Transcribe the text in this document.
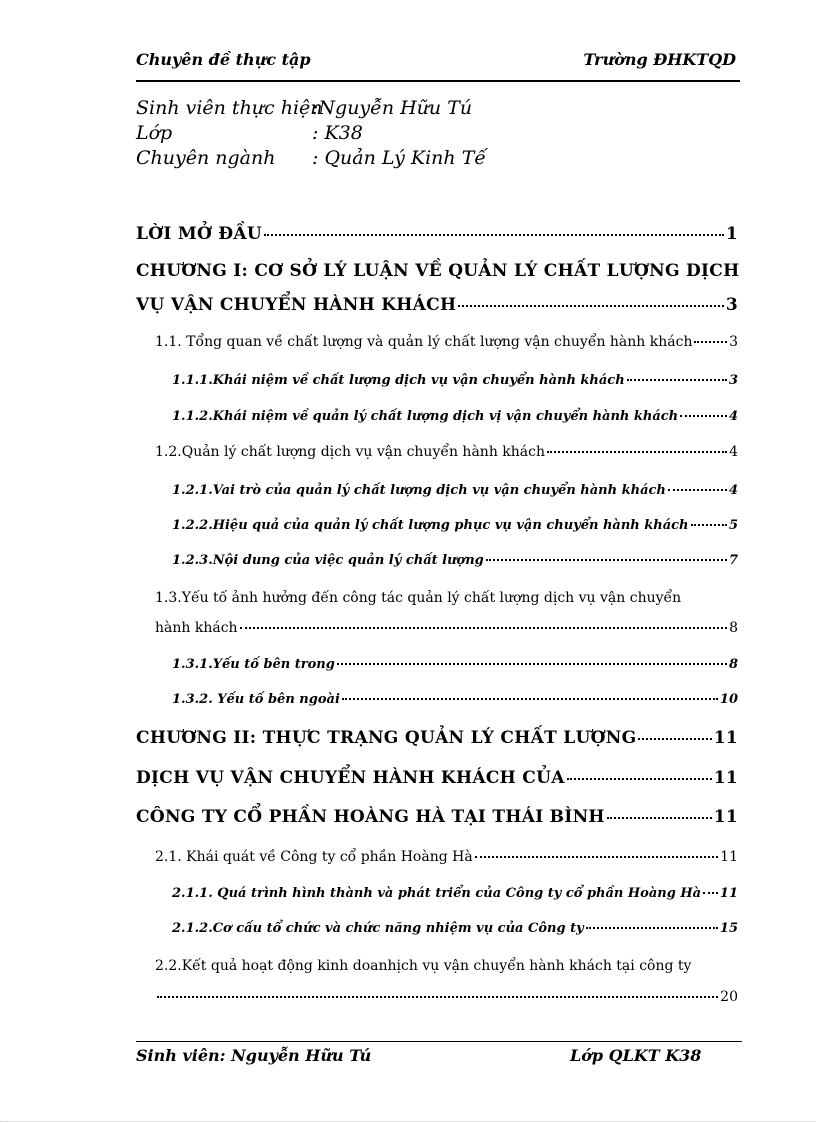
Chuyên đề thực tập	Trường ĐHKTQD
Sinh viên thực hiện:Nguyễn Hữu Tú
Lớp	: K38
Chuyên ngành : Quản Lý Kinh Tế
LỜI MỞ ĐẦU	1
CHƯƠNG I: CƠ SỞ LÝ LUẬN VỀ QUẢN LÝ CHẤT LƯỢNG DỊCH
VỤ VẬN CHUYỂN HÀNH KHÁCH	3
1.1. Tổng quan về chất lượng và quản lý chất lượng vận chuyển hành khách	3
1.1.1.Khái niệm về chất lượng dịch vụ vận chuyển hành khách	3
1.1.2.Khái niệm về quản lý chất lượng dịch vị vận chuyển hành khách	4
1.2.Quản lý chất lượng dịch vụ vận chuyển hành khách	4
1.2.1.Vai trò của quản lý chất lượng dịch vụ vận chuyển hành khách	4
1.2.2.Hiệu quả của quản lý chất lượng phục vụ vận chuyển hành khách	5
1.2.3.Nội dung của việc quản lý chất lượng	7
1.3.Yếu tố ảnh hưởng đến công tác quản lý chất lượng dịch vụ vận chuyển
hành khách	8
1.3.1.Yếu tố bên trong	8
1.3.2. Yếu tố bên ngoài	10
CHƯƠNG II: THỰC TRẠNG QUẢN LÝ CHẤT LƯỢNG	11
DỊCH VỤ VẬN CHUYỂN HÀNH KHÁCH CỦA	11
CÔNG TY CỔ PHẦN HOÀNG HÀ TẠI THÁI BÌNH	11
2.1. Khái quát về Công ty cổ phần Hoàng Hà	11
2.1.1. Quá trình hình thành và phát triển của Công ty cổ phần Hoàng Hà 11
2.1.2.Cơ cấu tổ chức và chức năng nhiệm vụ của Công ty	15
2.2.Kết quả hoạt động kinh doanhịch vụ vận chuyển hành khách tại công ty
20
Sinh viên: Nguyễn Hữu Tú	Lớp QLKT K38
